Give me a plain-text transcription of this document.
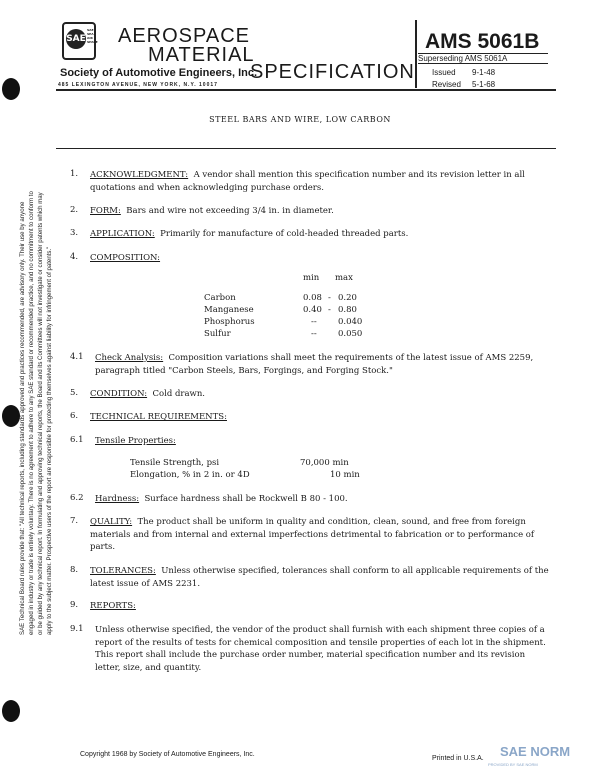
SAE
SAE
SEA
AIR
SPACE AEROSPACE
MATERIAL
SPECIFICATION
Society of Automotive Engineers, Inc.
485 LEXINGTON AVENUE, NEW YORK, N.Y. 10017
AMS 5061B
Superseding AMS 5061A
Issued 9-1-48
Revised 5-1-68
STEEL BARS AND WIRE, LOW CARBON
SAE Technical Board rules provide that: "All technical reports, including standards approved and practices recommended, are advisory only. Their use by anyone engaged in industry or trade is entirely voluntary. There is no agreement to adhere to any SAE standard or recommended practice, and no commitment to conform to or be guided by any technical report. In formulating and approving technical reports, the Board and its Committees will not investigate or consider patents which may apply to the subject matter. Prospective users of the report are responsible for protecting themselves against liability for infringement of patents."
1. ACKNOWLEDGMENT: A vendor shall mention this specification number and its revision letter in all quotations and when acknowledging purchase orders.
2. FORM: Bars and wire not exceeding 3/4 in. in diameter.
3. APPLICATION: Primarily for manufacture of cold-headed threaded parts.
4. COMPOSITION:
min max
Carbon	0.08 - 0.20
Manganese	0.40 - 0.80
Phosphorus	--	0.040
Sulfur	--	0.050
4.1 Check Analysis: Composition variations shall meet the requirements of the latest issue of AMS 2259, paragraph titled "Carbon Steels, Bars, Forgings, and Forging Stock."
5. CONDITION: Cold drawn.
6. TECHNICAL REQUIREMENTS:
6.1 Tensile Properties:
Tensile Strength, psi	70,000 min
Elongation, % in 2 in. or 4D	10 min
6.2 Hardness: Surface hardness shall be Rockwell B 80 - 100.
7. QUALITY: The product shall be uniform in quality and condition, clean, sound, and free from foreign materials and from internal and external imperfections detrimental to fabrication or to performance of parts.
8. TOLERANCES: Unless otherwise specified, tolerances shall conform to all applicable requirements of the latest issue of AMS 2231.
9. REPORTS:
9.1 Unless otherwise specified, the vendor of the product shall furnish with each shipment three copies of a report of the results of tests for chemical composition and tensile properties of each lot in the shipment. This report shall include the purchase order number, material specification number and its revision letter, size, and quantity.
Copyright 1968 by Society of Automotive Engineers, Inc.
Printed in U.S.A. SAE NORM
PROVIDED BY SAE NORM
